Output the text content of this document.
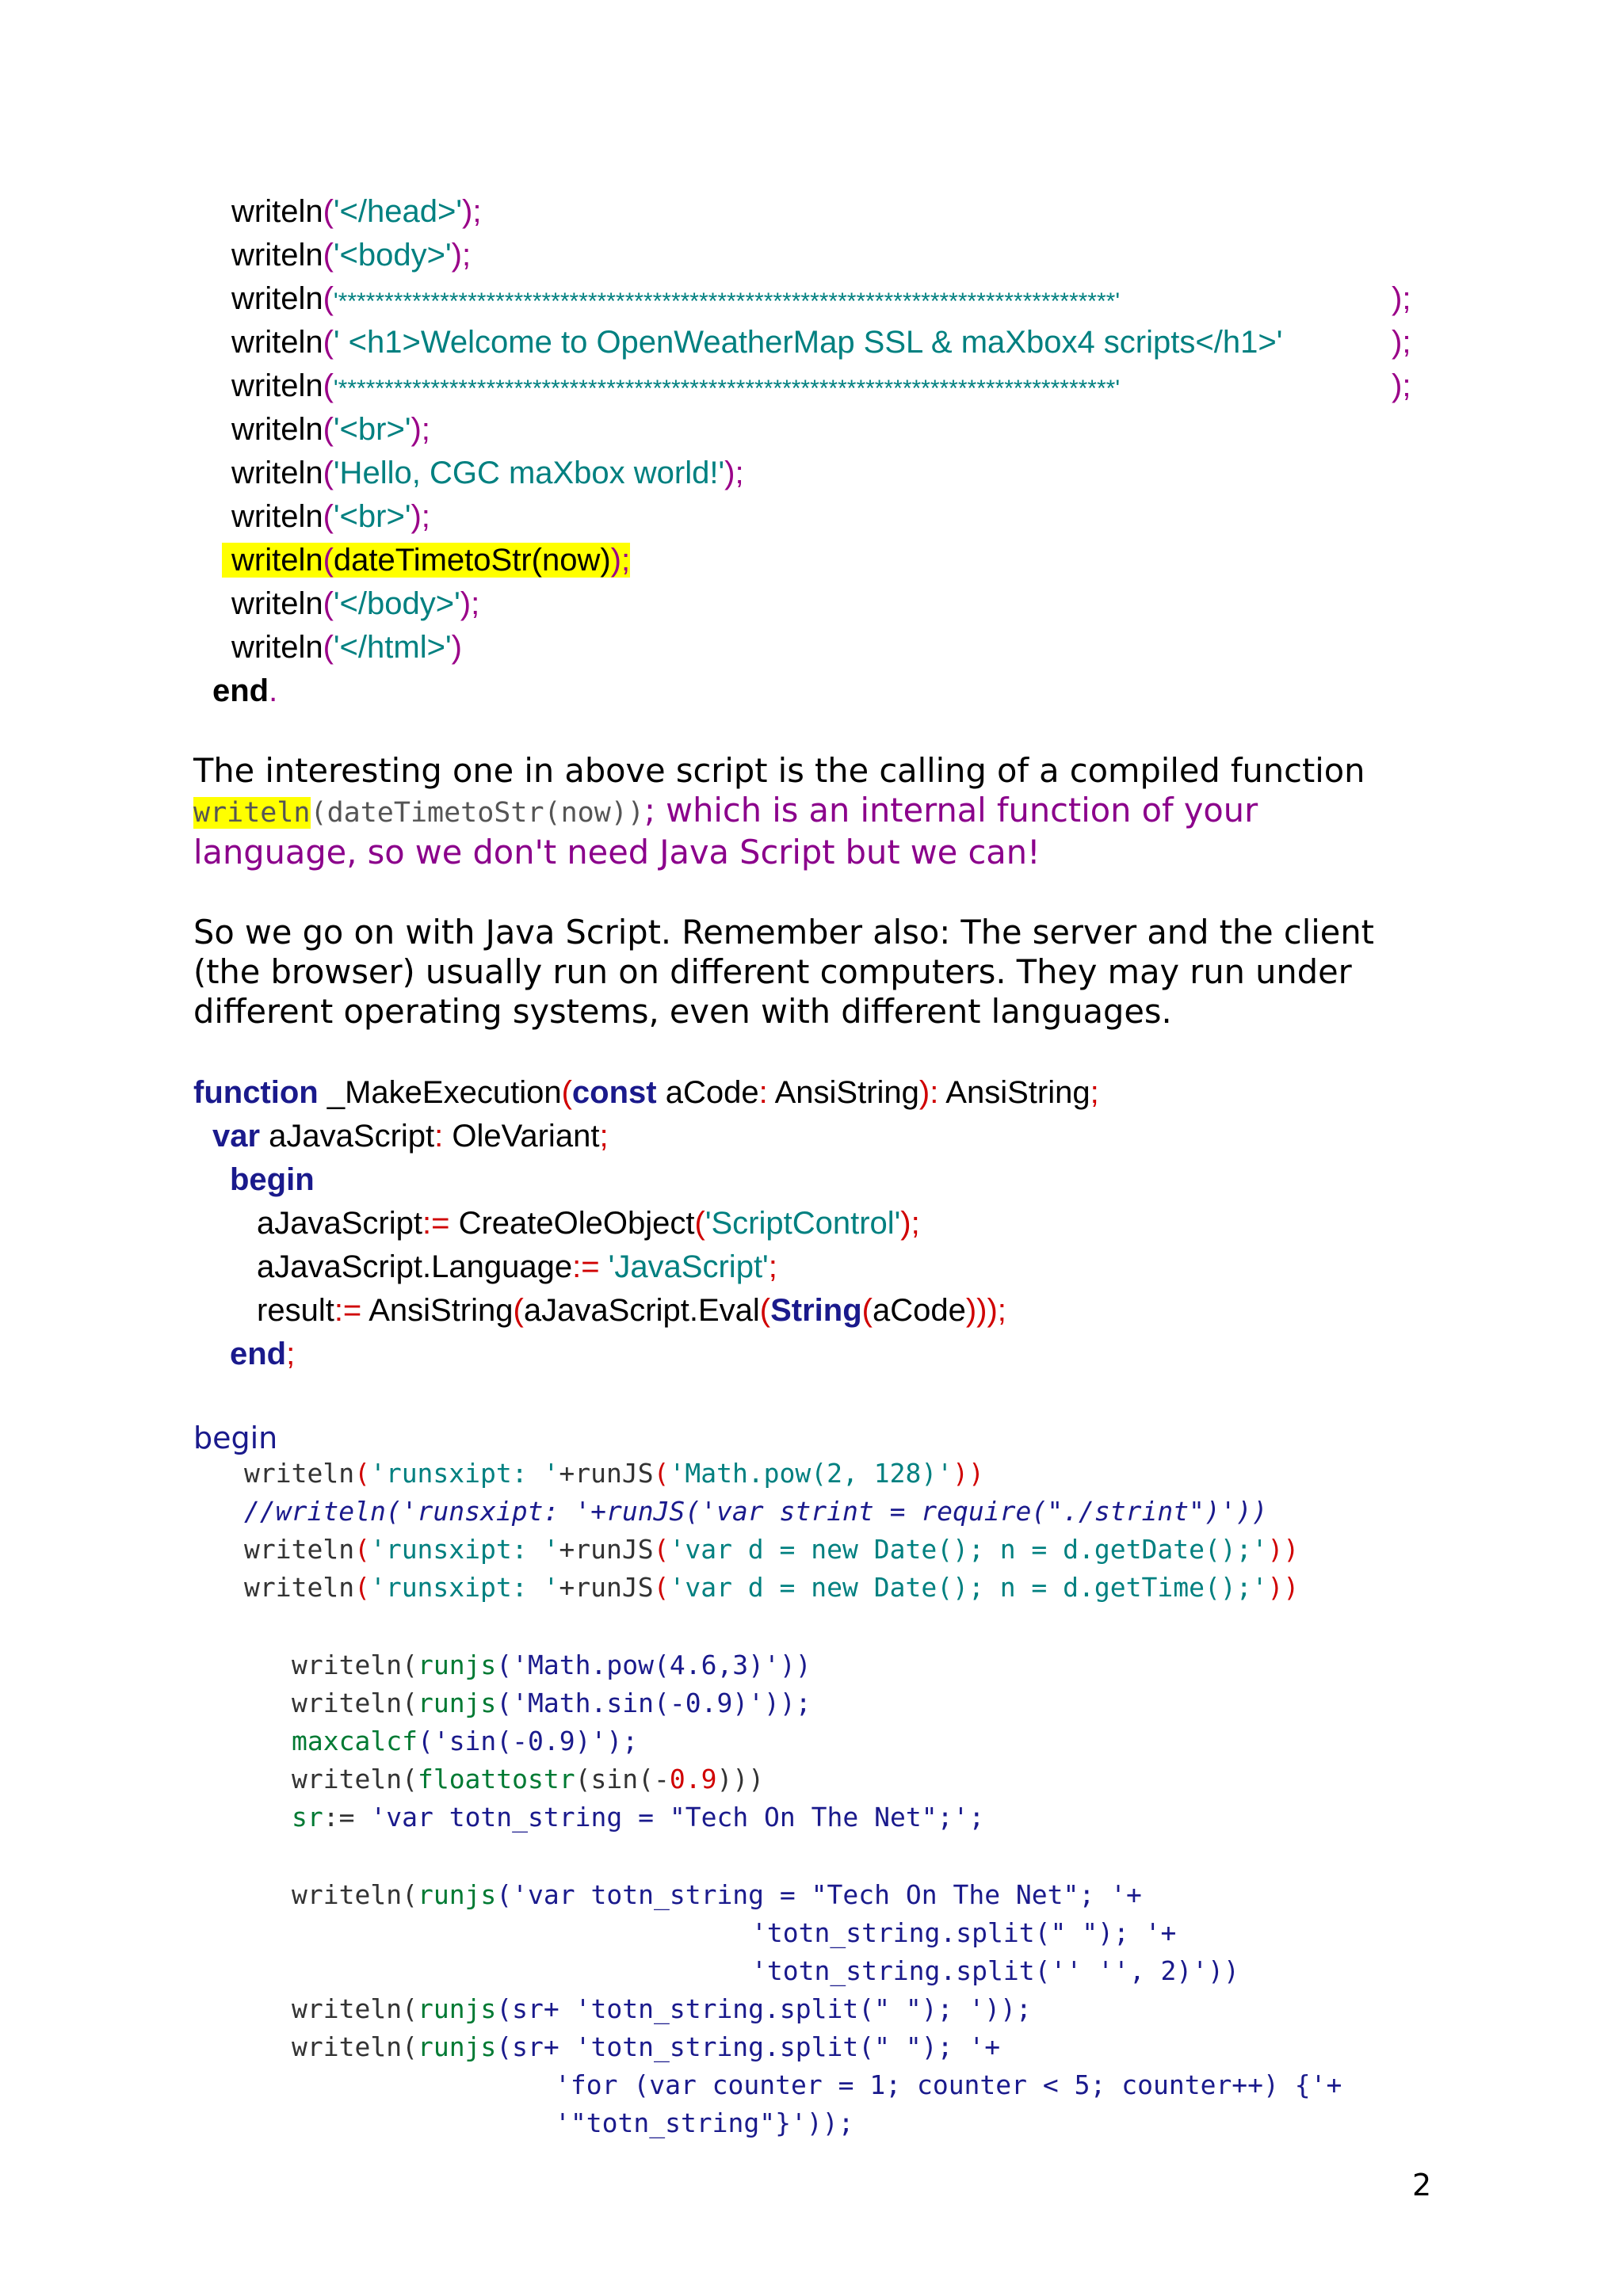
writeln('</head>');
writeln('<body>');
writeln('************************************************************************************'	);
writeln(' <h1>Welcome to OpenWeatherMap SSL & maXbox4 scripts</h1>'	);
writeln('************************************************************************************'	);
writeln('<br>');
writeln('Hello, CGC maXbox world!');
writeln('<br>');
writeln(dateTimetoStr(now));
writeln('</body>');
writeln('</html>')
end.

The interesting one in above script is the calling of a compiled function writeln(dateTimetoStr(now)); which is an internal function of your language, so we don't need Java Script but we can!

So we go on with Java Script. Remember also: The server and the client (the browser) usually run on different computers. They may run under different operating systems, even with different languages.

function _MakeExecution(const aCode: AnsiString): AnsiString;
var aJavaScript: OleVariant;
begin
aJavaScript:= CreateOleObject('ScriptControl');
aJavaScript.Language:= 'JavaScript';
result:= AnsiString(aJavaScript.Eval(String(aCode)));
end;
begin
writeln('runsxipt: '+runJS('Math.pow(2, 128)'))
//writeln('runsxipt: '+runJS('var strint = require("./strint")'))
writeln('runsxipt: '+runJS('var d = new Date(); n = d.getDate();'))
writeln('runsxipt: '+runJS('var d = new Date(); n = d.getTime();'))
writeln(runjs('Math.pow(4.6,3)'))
writeln(runjs('Math.sin(-0.9)'));
maxcalcf('sin(-0.9)');
writeln(floattostr(sin(-0.9)))
sr:= 'var totn_string = "Tech On The Net";';
writeln(runjs('var totn_string = "Tech On The Net"; '+
'totn_string.split(" "); '+
'totn_string.split('' '', 2)'))
writeln(runjs(sr+ 'totn_string.split(" "); '));
writeln(runjs(sr+ 'totn_string.split(" "); '+
'for (var counter = 1; counter < 5; counter++) {'+
'"totn_string"}'));
2
